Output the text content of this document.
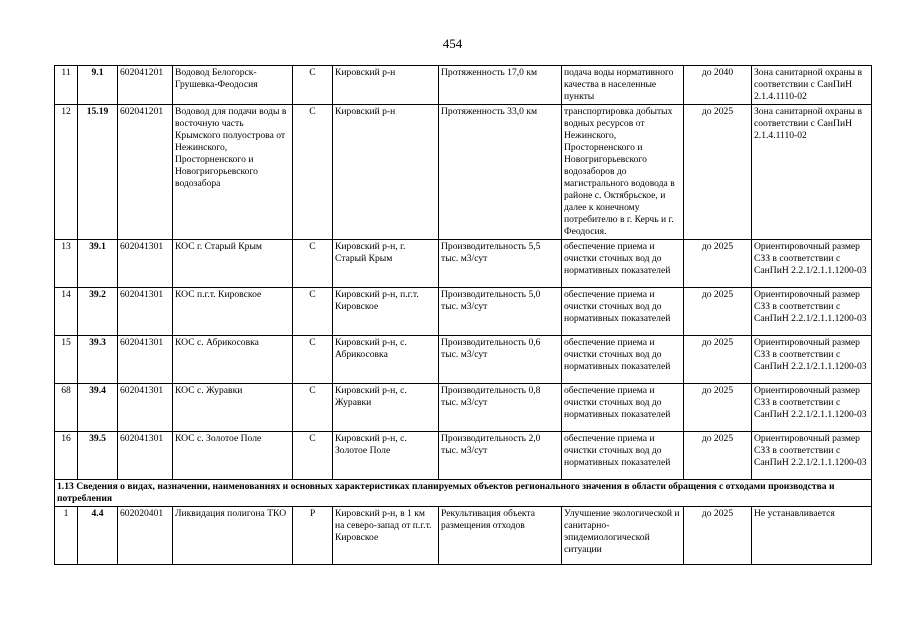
454
11	9.1	602041201	Водовод Белогорск-Грушевка-Феодосия	С	Кировский р-н	Протяженность 17,0 км	подача воды нормативного качества в населенные пункты	до 2040	Зона санитарной охраны в соответствии с СанПиН 2.1.4.1110-02
12	15.19	602041201	Водовод для подачи воды в восточную часть Крымского полуострова от Нежинского, Просторненского и Новогригорьевского водозабора	С	Кировский р-н	Протяженность 33,0 км	транспортировка добытых водных ресурсов от Нежинского, Просторненского и Новогригорьевского водозаборов до магистрального водовода в районе с. Октябрьское, и далее к конечному потребителю в г. Керчь и г. Феодосия.	до 2025	Зона санитарной охраны в соответствии с СанПиН 2.1.4.1110-02
13	39.1	602041301	КОС г. Старый Крым	С	Кировский р-н, г. Старый Крым	Производительность 5,5 тыс. м3/сут	обеспечение приема и очистки сточных вод до нормативных показателей	до 2025	Ориентировочный размер СЗЗ в соответствии с СанПиН 2.2.1/2.1.1.1200-03
14	39.2	602041301	КОС п.г.т. Кировское	С	Кировский р-н, п.г.т. Кировское	Производительность 5,0 тыс. м3/сут	обеспечение приема и очистки сточных вод до нормативных показателей	до 2025	Ориентировочный размер СЗЗ в соответствии с СанПиН 2.2.1/2.1.1.1200-03
15	39.3	602041301	КОС с. Абрикосовка	С	Кировский р-н, с. Абрикосовка	Производительность 0,6 тыс. м3/сут	обеспечение приема и очистки сточных вод до нормативных показателей	до 2025	Ориентировочный размер СЗЗ в соответствии с СанПиН 2.2.1/2.1.1.1200-03
68	39.4	602041301	КОС с. Журавки	С	Кировский р-н, с. Журавки	Производительность 0,8 тыс. м3/сут	обеспечение приема и очистки сточных вод до нормативных показателей	до 2025	Ориентировочный размер СЗЗ в соответствии с СанПиН 2.2.1/2.1.1.1200-03
16	39.5	602041301	КОС с. Золотое Поле	С	Кировский р-н, с. Золотое Поле	Производительность 2,0 тыс. м3/сут	обеспечение приема и очистки сточных вод до нормативных показателей	до 2025	Ориентировочный размер СЗЗ в соответствии с СанПиН 2.2.1/2.1.1.1200-03
1.13 Сведения о видах, назначении, наименованиях и основных характеристиках планируемых объектов регионального значения в области обращения с отходами производства и потребления									
1	4.4	602020401	Ликвидация полигона ТКО	Р	Кировский р-н, в 1 км на северо-запад от п.г.т. Кировское	Рекультивация объекта размещения отходов	Улучшение экологической и санитарно-эпидемиологической ситуации	до 2025	Не устанавливается
